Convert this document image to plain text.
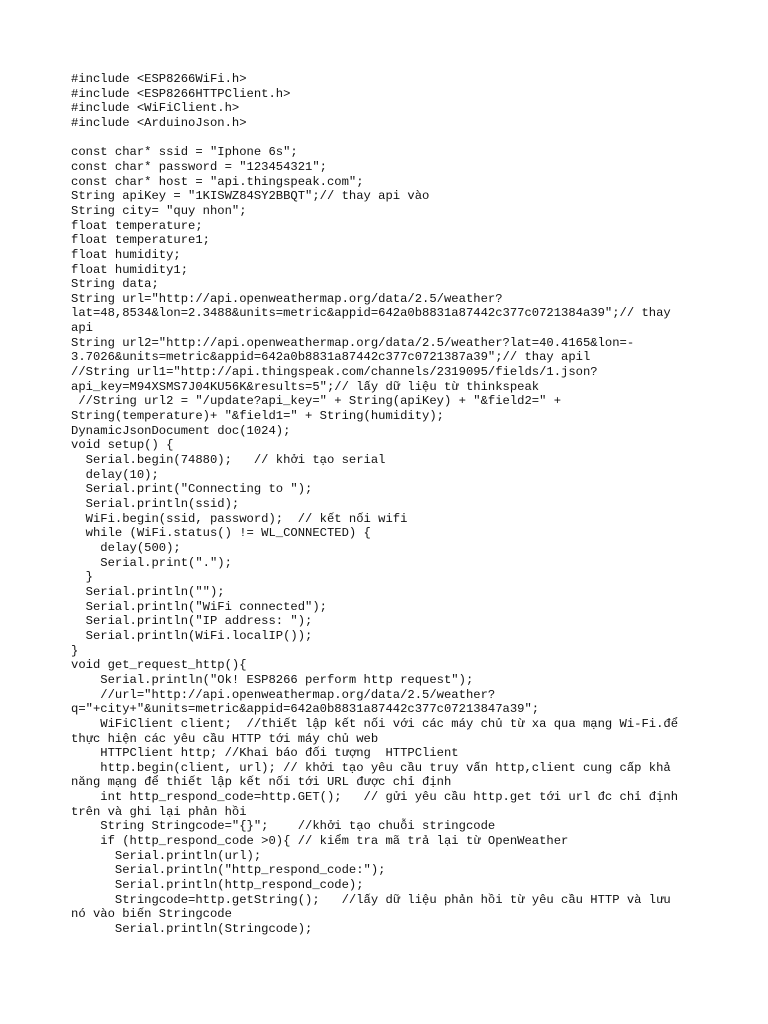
#include <ESP8266WiFi.h>
#include <ESP8266HTTPClient.h>
#include <WiFiClient.h>
#include <ArduinoJson.h>
const char* ssid = "Iphone 6s";
const char* password = "123454321";
const char* host = "api.thingspeak.com";
String apiKey = "1KISWZ84SY2BBQT";// thay api vào
String city= "quy nhon";
float temperature;
float temperature1;
float humidity;
float humidity1;
String data;
String url="http://api.openweathermap.org/data/2.5/weather?
lat=48,8534&lon=2.3488&units=metric&appid=642a0b8831a87442c377c0721384a39";// thay
api
String url2="http://api.openweathermap.org/data/2.5/weather?lat=40.4165&lon=-
3.7026&units=metric&appid=642a0b8831a87442c377c0721387a39";// thay apil
//String url1="http://api.thingspeak.com/channels/2319095/fields/1.json?
api_key=M94XSMS7J04KU56K&results=5";// lấy dữ liệu từ thinkspeak
//String url2 = "/update?api_key=" + String(apiKey) + "&field2=" +
String(temperature)+ "&field1=" + String(humidity);
DynamicJsonDocument doc(1024);
void setup() {
Serial.begin(74880);   // khởi tạo serial
delay(10);
Serial.print("Connecting to ");
Serial.println(ssid);
WiFi.begin(ssid, password);  // kết nối wifi
while (WiFi.status() != WL_CONNECTED) {
delay(500);
Serial.print(".");
}
Serial.println("");
Serial.println("WiFi connected");
Serial.println("IP address: ");
Serial.println(WiFi.localIP());
}
void get_request_http(){
Serial.println("Ok! ESP8266 perform http request");
//url="http://api.openweathermap.org/data/2.5/weather?
q="+city+"&units=metric&appid=642a0b8831a87442c377c07213847a39";
WiFiClient client;  //thiết lập kết nối với các máy chủ từ xa qua mạng Wi-Fi.để
thực hiện các yêu cầu HTTP tới máy chủ web
HTTPClient http; //Khai báo đối tượng  HTTPClient
http.begin(client, url); // khởi tạo yêu cầu truy vấn http,client cung cấp khả
năng mạng để thiết lập kết nối tới URL được chỉ định
int http_respond_code=http.GET();   // gửi yêu cầu http.get tới url đc chỉ định
trên và ghi lại phản hồi
String Stringcode="{}";    //khởi tạo chuỗi stringcode
if (http_respond_code >0){ // kiểm tra mã trả lại từ OpenWeather
Serial.println(url);
Serial.println("http_respond_code:");
Serial.println(http_respond_code);
Stringcode=http.getString();   //lấy dữ liệu phản hồi từ yêu cầu HTTP và lưu
nó vào biến Stringcode
Serial.println(Stringcode);
